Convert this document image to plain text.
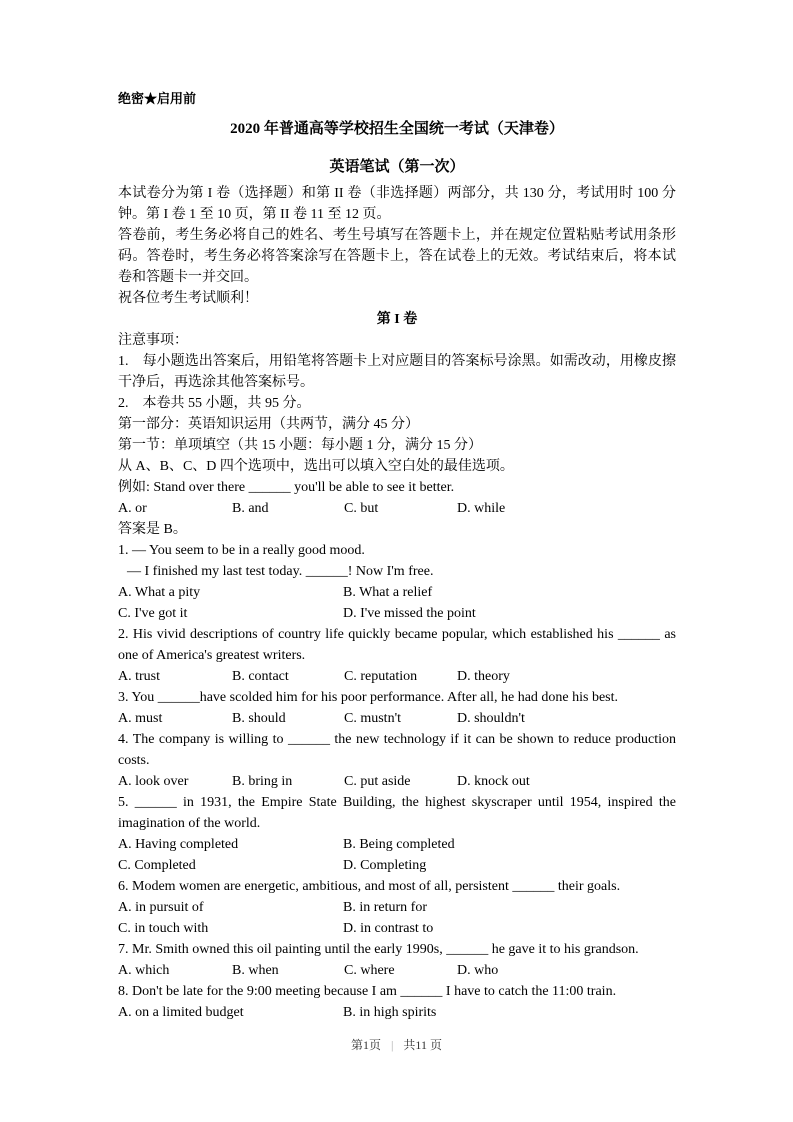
绝密★启用前
2020 年普通高等学校招生全国统一考试（天津卷）
英语笔试（第一次）

本试卷分为第 I 卷（选择题）和第 II 卷（非选择题）两部分，共 130 分，考试用时 100 分钟。第 I 卷 1 至 10 页，第 II 卷 11 至 12 页。

答卷前，考生务必将自己的姓名、考生号填写在答题卡上，并在规定位置粘贴考试用条形码。答卷时，考生务必将答案涂写在答题卡上，答在试卷上的无效。考试结束后，将本试卷和答题卡一并交回。

祝各位考生考试顺利！

第 I 卷

注意事项：

1.　每小题选出答案后，用铅笔将答题卡上对应题目的答案标号涂黑。如需改动，用橡皮擦干净后，再选涂其他答案标号。

2.　本卷共 55 小题，共 95 分。

第一部分：英语知识运用（共两节，满分 45 分）

第一节：单项填空（共 15 小题：每小题 1 分，满分 15 分）

从 A、B、C、D 四个选项中，选出可以填入空白处的最佳选项。

例如: Stand over there ______ you'll be able to see it better.

A. or	B. and	C. but	D. while

答案是 B。

1. — You seem to be in a really good mood.

— I finished my last test today. ______! Now I'm free.

A. What a pity	B. What a relief
C. I've got it	D. I've missed the point

2. His vivid descriptions of country life quickly became popular, which established his ______ as one of America's greatest writers.

A. trust	B. contact	C. reputation	D. theory

3. You ______have scolded him for his poor performance. After all, he had done his best.

A. must	B. should	C. mustn't	D. shouldn't

4. The company is willing to ______ the new technology if it can be shown to reduce production costs.

A. look over	B. bring in	C. put aside	D. knock out

5. ______ in 1931, the Empire State Building, the highest skyscraper until 1954, inspired the imagination of the world.

A. Having completed	B. Being completed
C. Completed	D. Completing

6. Modem women are energetic, ambitious, and most of all, persistent ______ their goals.

A. in pursuit of	B. in return for
C. in touch with	D. in contrast to

7. Mr. Smith owned this oil painting until the early 1990s, ______ he gave it to his grandson.

A. which	B. when	C. where	D. who

8. Don't be late for the 9:00 meeting because I am ______ I have to catch the 11:00 train.

A. on a limited budget	B. in high spirits
第1页 | 共11 页
